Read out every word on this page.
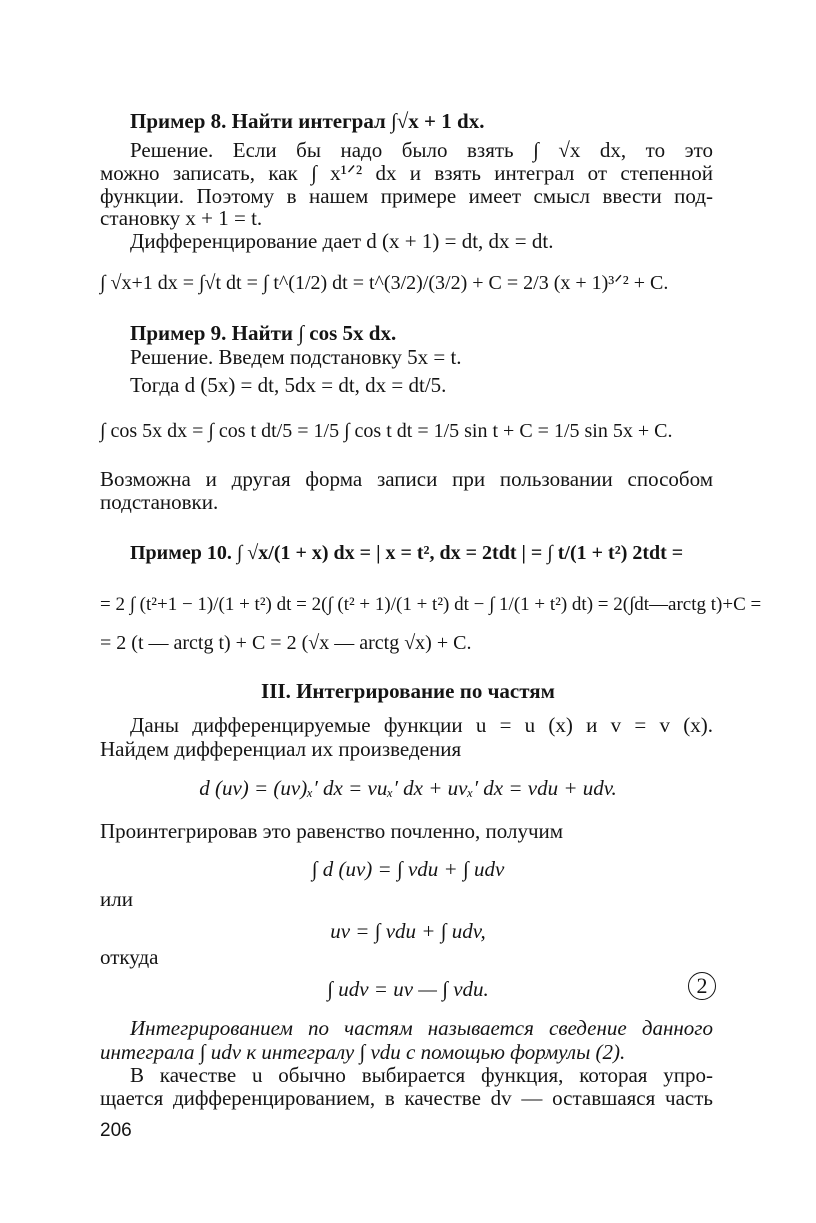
Пример 8. Найти интеграл ∫√x + 1 dx.
Решение. Если бы надо было взять ∫ √x dx, то это
можно записать, как ∫ x¹ᐟ² dx и взять интеграл от степенной
функции. Поэтому в нашем примере имеет смысл ввести под-
становку x + 1 = t.
Дифференцирование дает d (x + 1) = dt, dx = dt.
∫ √x+1 dx = ∫√t dt = ∫ t^(1/2) dt = t^(3/2)/(3/2) + C = 2/3 (x + 1)³ᐟ² + C.
Пример 9. Найти ∫ cos 5x dx.
Решение. Введем подстановку 5x = t.
Тогда d (5x) = dt, 5dx = dt, dx = dt/5.
∫ cos 5x dx = ∫ cos t dt/5 = 1/5 ∫ cos t dt = 1/5 sin t + C = 1/5 sin 5x + C.
Возможна и другая форма записи при пользовании способом
подстановки.
Пример 10. ∫ √x/(1 + x) dx = | x = t², dx = 2tdt | = ∫ t/(1 + t²) 2tdt =
= 2 ∫ (t²+1 − 1)/(1 + t²) dt = 2(∫ (t² + 1)/(1 + t²) dt − ∫ 1/(1 + t²) dt) = 2(∫dt—arctg t)+C =
= 2 (t — arctg t) + C = 2 (√x — arctg √x) + C.
III. Интегрирование по частям
Даны дифференцируемые функции u = u (x) и v = v (x).
Найдем дифференциал их произведения
d (uv) = (uv)ₓ′ dx = vuₓ′ dx + uvₓ′ dx = vdu + udv.
Проинтегрировав это равенство почленно, получим
∫ d (uv) = ∫ vdu + ∫ udv
или
uv = ∫ vdu + ∫ udv,
откуда
∫ udv = uv — ∫ vdu.	2
Интегрированием по частям называется сведение данного
интеграла ∫ udv к интегралу ∫ vdu с помощью формулы (2).
В качестве u обычно выбирается функция, которая упро-
щается дифференцированием, в качестве dv — оставшаяся часть
206
